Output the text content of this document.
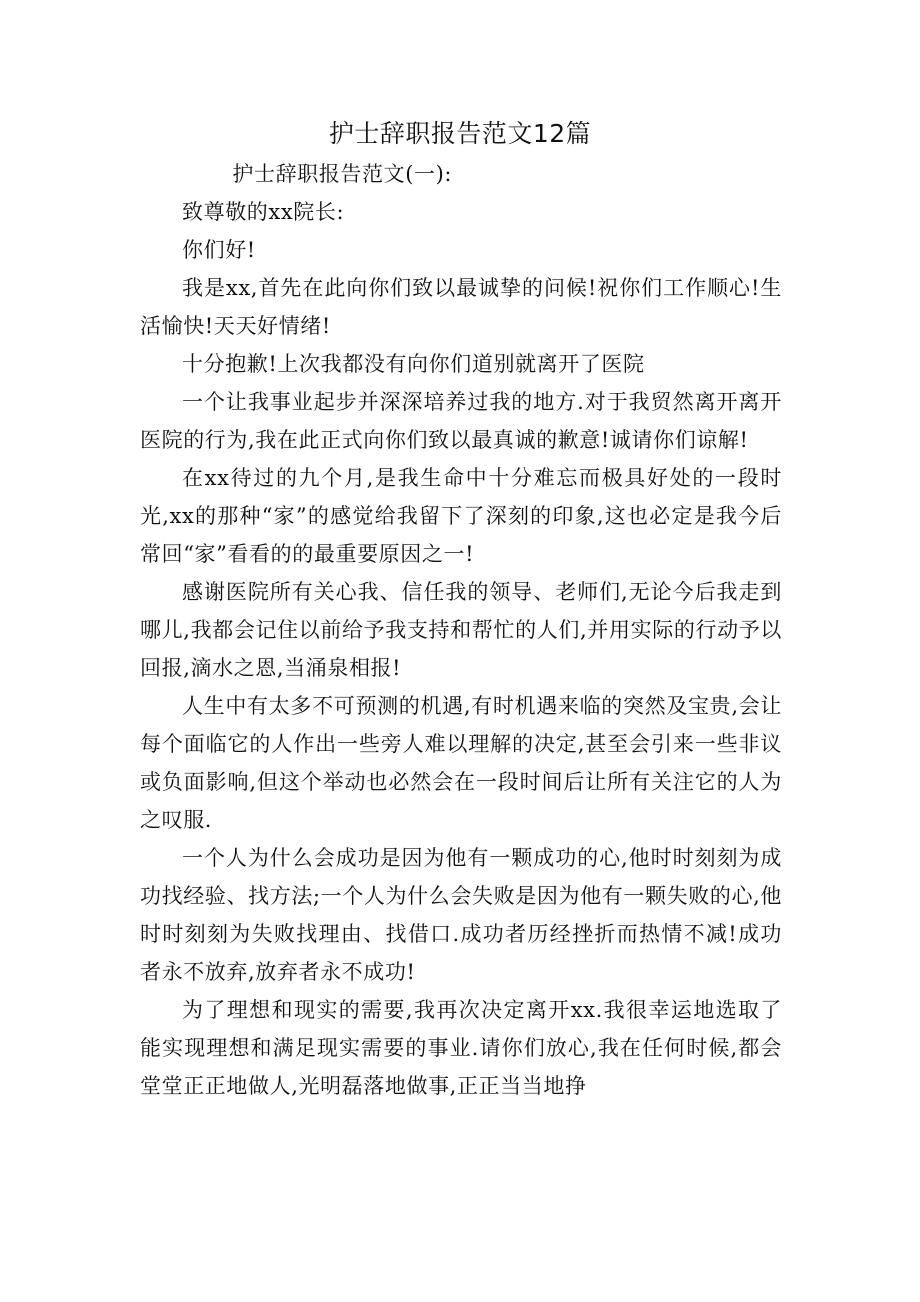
护士辞职报告范文12篇

护士辞职报告范文(一):

致尊敬的xx院长:

你们好!

我是xx,首先在此向你们致以最诚挚的问候!祝你们工作顺心!生活愉快!天天好情绪!

十分抱歉!上次我都没有向你们道别就离开了医院

一个让我事业起步并深深培养过我的地方.对于我贸然离开离开医院的行为,我在此正式向你们致以最真诚的歉意!诚请你们谅解!

在xx待过的九个月,是我生命中十分难忘而极具好处的一段时光,xx的那种“家”的感觉给我留下了深刻的印象,这也必定是我今后常回“家”看看的的最重要原因之一!

感谢医院所有关心我、信任我的领导、老师们,无论今后我走到哪儿,我都会记住以前给予我支持和帮忙的人们,并用实际的行动予以回报,滴水之恩,当涌泉相报!

人生中有太多不可预测的机遇,有时机遇来临的突然及宝贵,会让每个面临它的人作出一些旁人难以理解的决定,甚至会引来一些非议或负面影响,但这个举动也必然会在一段时间后让所有关注它的人为之叹服.

一个人为什么会成功是因为他有一颗成功的心,他时时刻刻为成功找经验、找方法;一个人为什么会失败是因为他有一颗失败的心,他时时刻刻为失败找理由、找借口.成功者历经挫折而热情不减!成功者永不放弃,放弃者永不成功!

为了理想和现实的需要,我再次决定离开xx.我很幸运地选取了能实现理想和满足现实需要的事业.请你们放心,我在任何时候,都会堂堂正正地做人,光明磊落地做事,正正当当地挣
